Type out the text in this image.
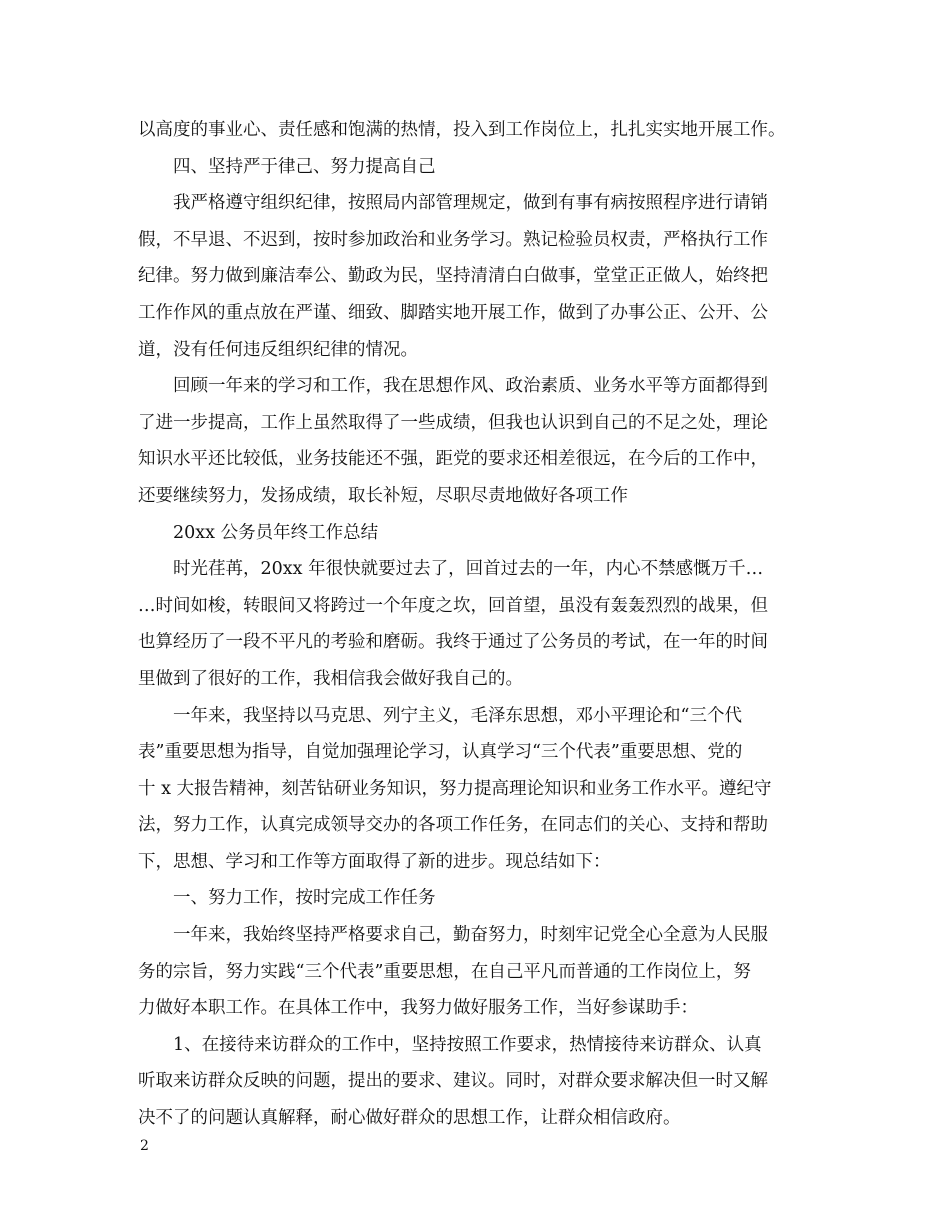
以高度的事业心、责任感和饱满的热情，投入到工作岗位上，扎扎实实地开展工作。
四、坚持严于律己、努力提高自己
我严格遵守组织纪律，按照局内部管理规定，做到有事有病按照程序进行请销
假，不早退、不迟到，按时参加政治和业务学习。熟记检验员权责，严格执行工作
纪律。努力做到廉洁奉公、勤政为民，坚持清清白白做事，堂堂正正做人，始终把
工作作风的重点放在严谨、细致、脚踏实地开展工作，做到了办事公正、公开、公
道，没有任何违反组织纪律的情况。
回顾一年来的学习和工作，我在思想作风、政治素质、业务水平等方面都得到
了进一步提高，工作上虽然取得了一些成绩，但我也认识到自己的不足之处，理论
知识水平还比较低，业务技能还不强，距党的要求还相差很远，在今后的工作中，
还要继续努力，发扬成绩，取长补短，尽职尽责地做好各项工作
20xx 公务员年终工作总结
时光荏苒，20xx 年很快就要过去了，回首过去的一年，内心不禁感慨万千…
…时间如梭，转眼间又将跨过一个年度之坎，回首望，虽没有轰轰烈烈的战果，但
也算经历了一段不平凡的考验和磨砺。我终于通过了公务员的考试，在一年的时间
里做到了很好的工作，我相信我会做好我自己的。
一年来，我坚持以马克思、列宁主义，毛泽东思想，邓小平理论和“三个代
表”重要思想为指导，自觉加强理论学习，认真学习“三个代表”重要思想、党的
十 x 大报告精神，刻苦钻研业务知识，努力提高理论知识和业务工作水平。遵纪守
法，努力工作，认真完成领导交办的各项工作任务，在同志们的关心、支持和帮助
下，思想、学习和工作等方面取得了新的进步。现总结如下：
一、努力工作，按时完成工作任务
一年来，我始终坚持严格要求自己，勤奋努力，时刻牢记党全心全意为人民服
务的宗旨，努力实践“三个代表”重要思想，在自己平凡而普通的工作岗位上，努
力做好本职工作。在具体工作中，我努力做好服务工作，当好参谋助手：
1、在接待来访群众的工作中，坚持按照工作要求，热情接待来访群众、认真
听取来访群众反映的问题，提出的要求、建议。同时，对群众要求解决但一时又解
决不了的问题认真解释，耐心做好群众的思想工作，让群众相信政府。
2
